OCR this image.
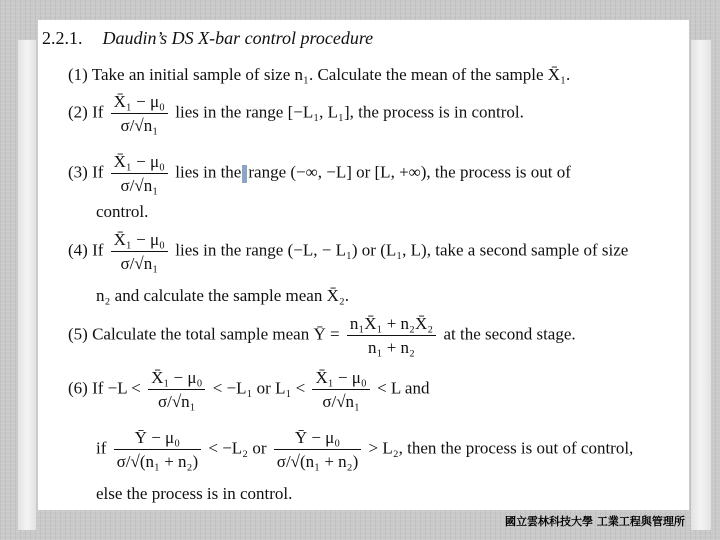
2.2.1. Daudin’s DS X-bar control procedure
(1) Take an initial sample of size n₁. Calculate the mean of the sample X̄₁.
(2) If $\frac{\text{X̄₁ − μ₀}}{\text{σ/√n₁}}$ lies in the range [−L₁, L₁], the process is in control.
(3) If $\frac{\text{X̄₁ − μ₀}}{\text{σ/√n₁}}$ lies in the range (−∞, −L] or [L, +∞), the process is out of
control.
(4) If $\frac{\text{X̄₁ − μ₀}}{\text{σ/√n₁}}$ lies in the range (−L, − L₁) or (L₁, L), take a second sample of size
n₂ and calculate the sample mean X̄₂.
(5) Calculate the total sample mean Ȳ = $\frac{\text{n₁X̄₁ + n₂X̄₂}}{\text{n₁ + n₂}}$ at the second stage.
(6) $If -L < \frac{\text{X̄₁ − μ₀}}{\text{σ/√n₁}} < -L_1$ or $L_1 < \frac{\text{X̄₁ − μ₀}}{\text{σ/√n₁}} < L$ and
if $\frac{\text{Ȳ − μ₀}}{\text{σ/√(n₁ + n₂)}} < -L_2$ or $\frac{\text{Ȳ − μ₀}}{\text{σ/√(n₁ + n₂)}} > L_2$, then the process is out of control,
else the process is in control.
國立雲林科技大學 工業工程與管理所
